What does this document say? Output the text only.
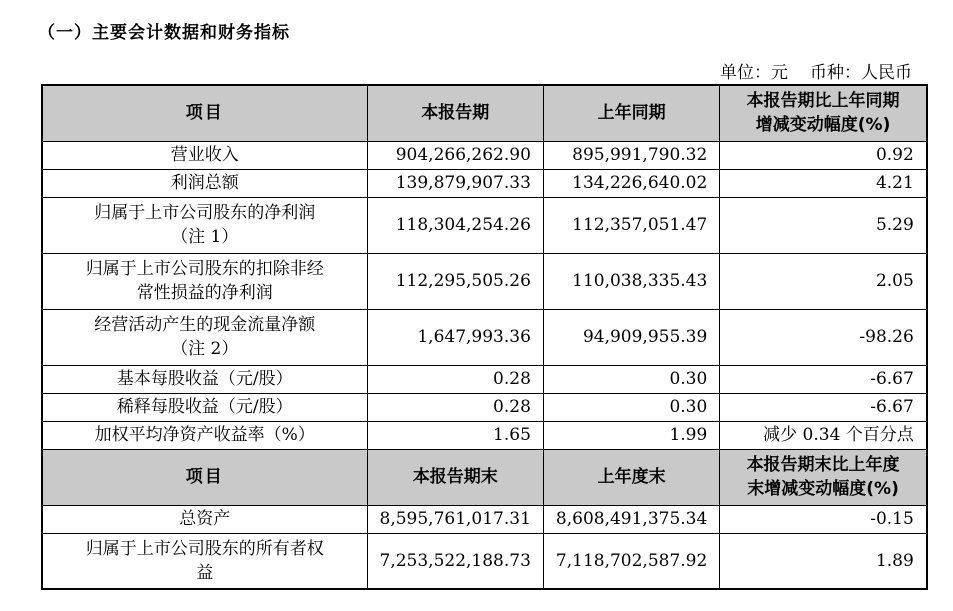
（一）主要会计数据和财务指标
单位：元 币种：人民币
项目	本报告期	上年同期	本报告期比上年同期
增减变动幅度(%)

营业收入	904,266,262.90	895,991,790.32	0.92
利润总额	139,879,907.33	134,226,640.02	4.21

归属于上市公司股东的净利润
（注 1）	118,304,254.26	112,357,051.47	5.29

归属于上市公司股东的扣除非经
常性损益的净利润	112,295,505.26	110,038,335.43	2.05

经营活动产生的现金流量净额
（注 2）	1,647,993.36	94,909,955.39	-98.26
基本每股收益（元/股）	0.28	0.30	-6.67
稀释每股收益（元/股）	0.28	0.30	-6.67
加权平均净资产收益率（%）	1.65	1.99	减少 0.34 个百分点
项目	本报告期末	上年度末	本报告期末比上年度
末增减变动幅度(%)

总资产	8,595,761,017.31	8,608,491,375.34	-0.15

归属于上市公司股东的所有者权
益	7,253,522,188.73	7,118,702,587.92	1.89
